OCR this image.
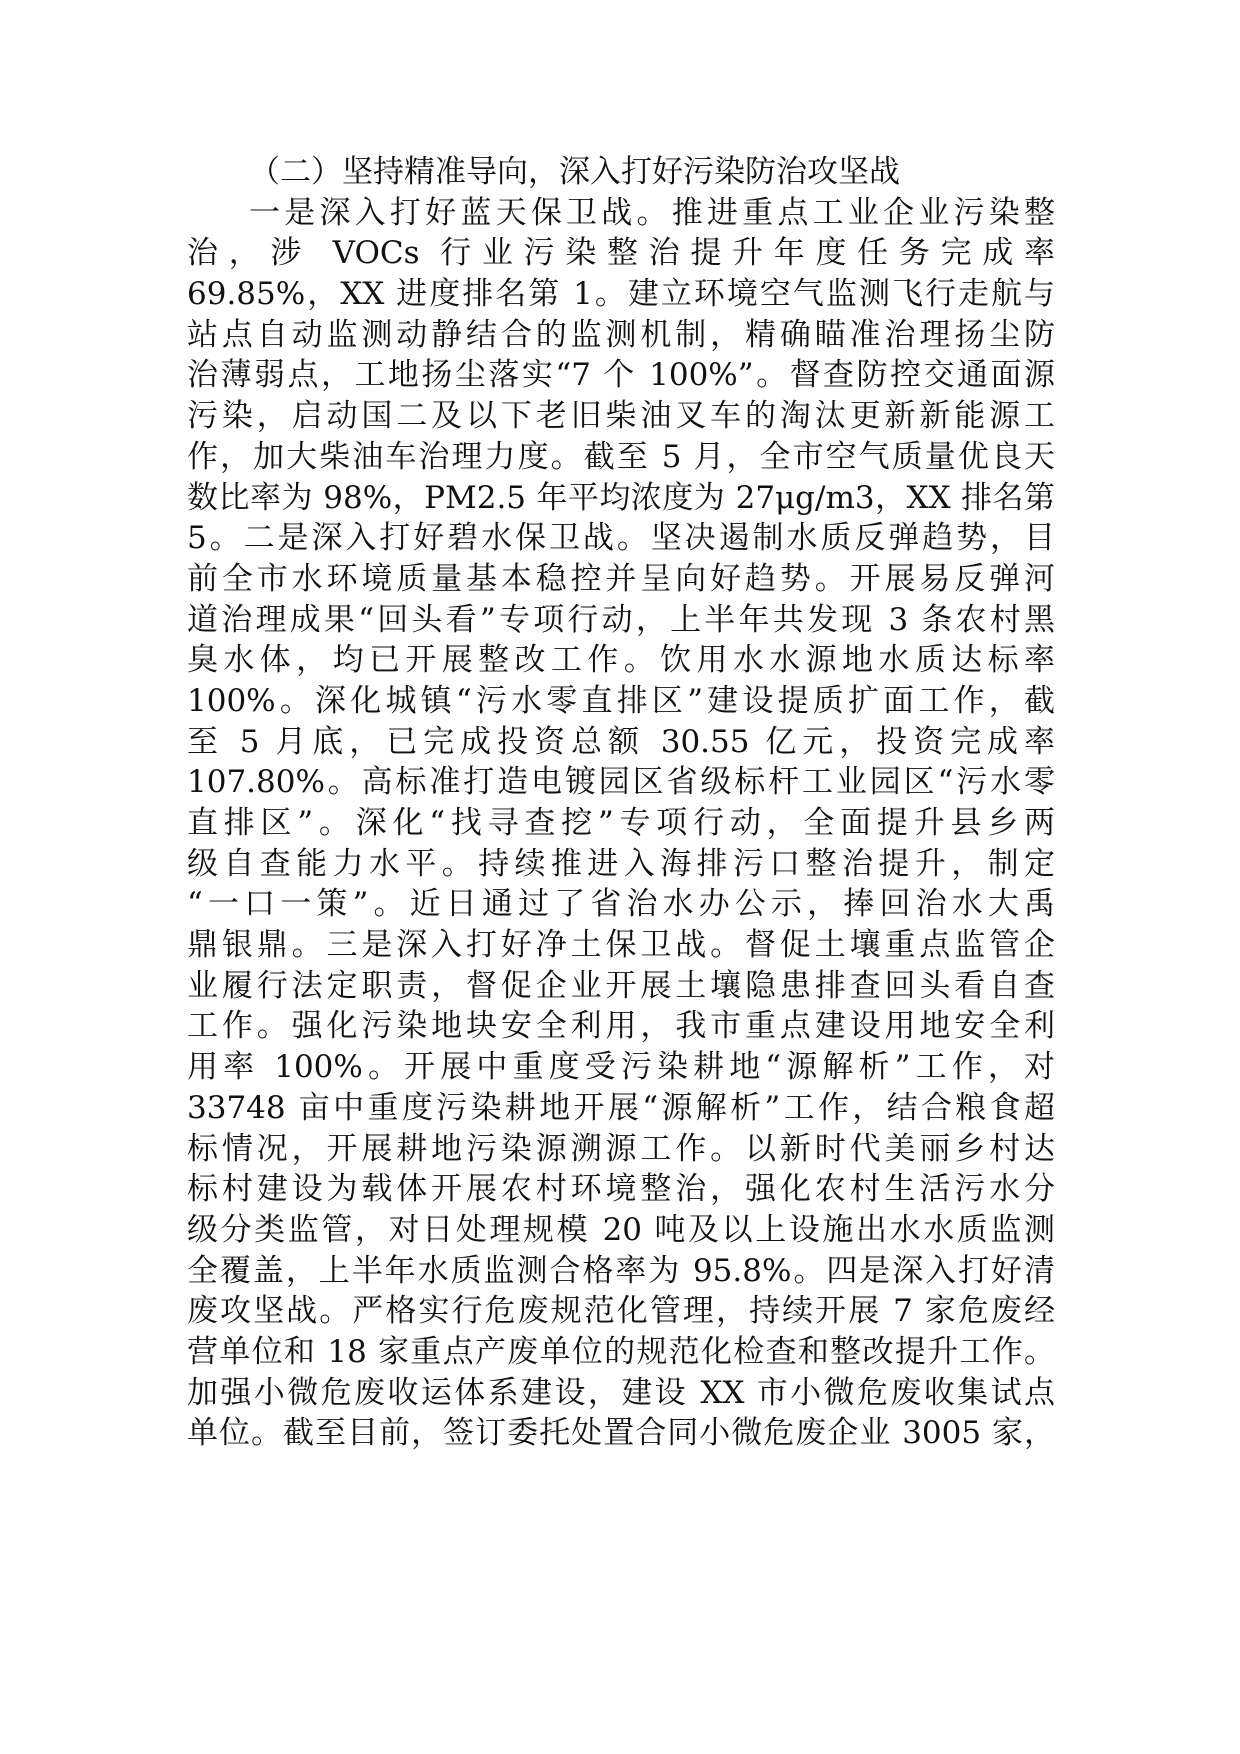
（二）坚持精准导向，深入打好污染防治攻坚战
一是深入打好蓝天保卫战。推进重点工业企业污染整
治，涉 VOCs 行业污染整治提升年度任务完成率
69.85%，XX 进度排名第 1。建立环境空气监测飞行走航与
站点自动监测动静结合的监测机制，精确瞄准治理扬尘防
治薄弱点，工地扬尘落实“7 个 100%”。督查防控交通面源
污染，启动国二及以下老旧柴油叉车的淘汰更新新能源工
作，加大柴油车治理力度。截至 5 月，全市空气质量优良天
数比率为 98%，PM2.5 年平均浓度为 27μg/m3，XX 排名第
5。二是深入打好碧水保卫战。坚决遏制水质反弹趋势，目
前全市水环境质量基本稳控并呈向好趋势。开展易反弹河
道治理成果“回头看”专项行动，上半年共发现 3 条农村黑
臭水体，均已开展整改工作。饮用水水源地水质达标率
100%。深化城镇“污水零直排区”建设提质扩面工作，截
至 5 月底，已完成投资总额 30.55 亿元，投资完成率
107.80%。高标准打造电镀园区省级标杆工业园区“污水零
直排区”。深化“找寻查挖”专项行动，全面提升县乡两
级自查能力水平。持续推进入海排污口整治提升，制定
“一口一策”。近日通过了省治水办公示，捧回治水大禹
鼎银鼎。三是深入打好净土保卫战。督促土壤重点监管企
业履行法定职责，督促企业开展土壤隐患排查回头看自查
工作。强化污染地块安全利用，我市重点建设用地安全利
用率 100%。开展中重度受污染耕地“源解析”工作，对
33748 亩中重度污染耕地开展“源解析”工作，结合粮食超
标情况，开展耕地污染源溯源工作。以新时代美丽乡村达
标村建设为载体开展农村环境整治，强化农村生活污水分
级分类监管，对日处理规模 20 吨及以上设施出水水质监测
全覆盖，上半年水质监测合格率为 95.8%。四是深入打好清
废攻坚战。严格实行危废规范化管理，持续开展 7 家危废经
营单位和 18 家重点产废单位的规范化检查和整改提升工作。
加强小微危废收运体系建设，建设 XX 市小微危废收集试点
单位。截至目前，签订委托处置合同小微危废企业 3005 家，
